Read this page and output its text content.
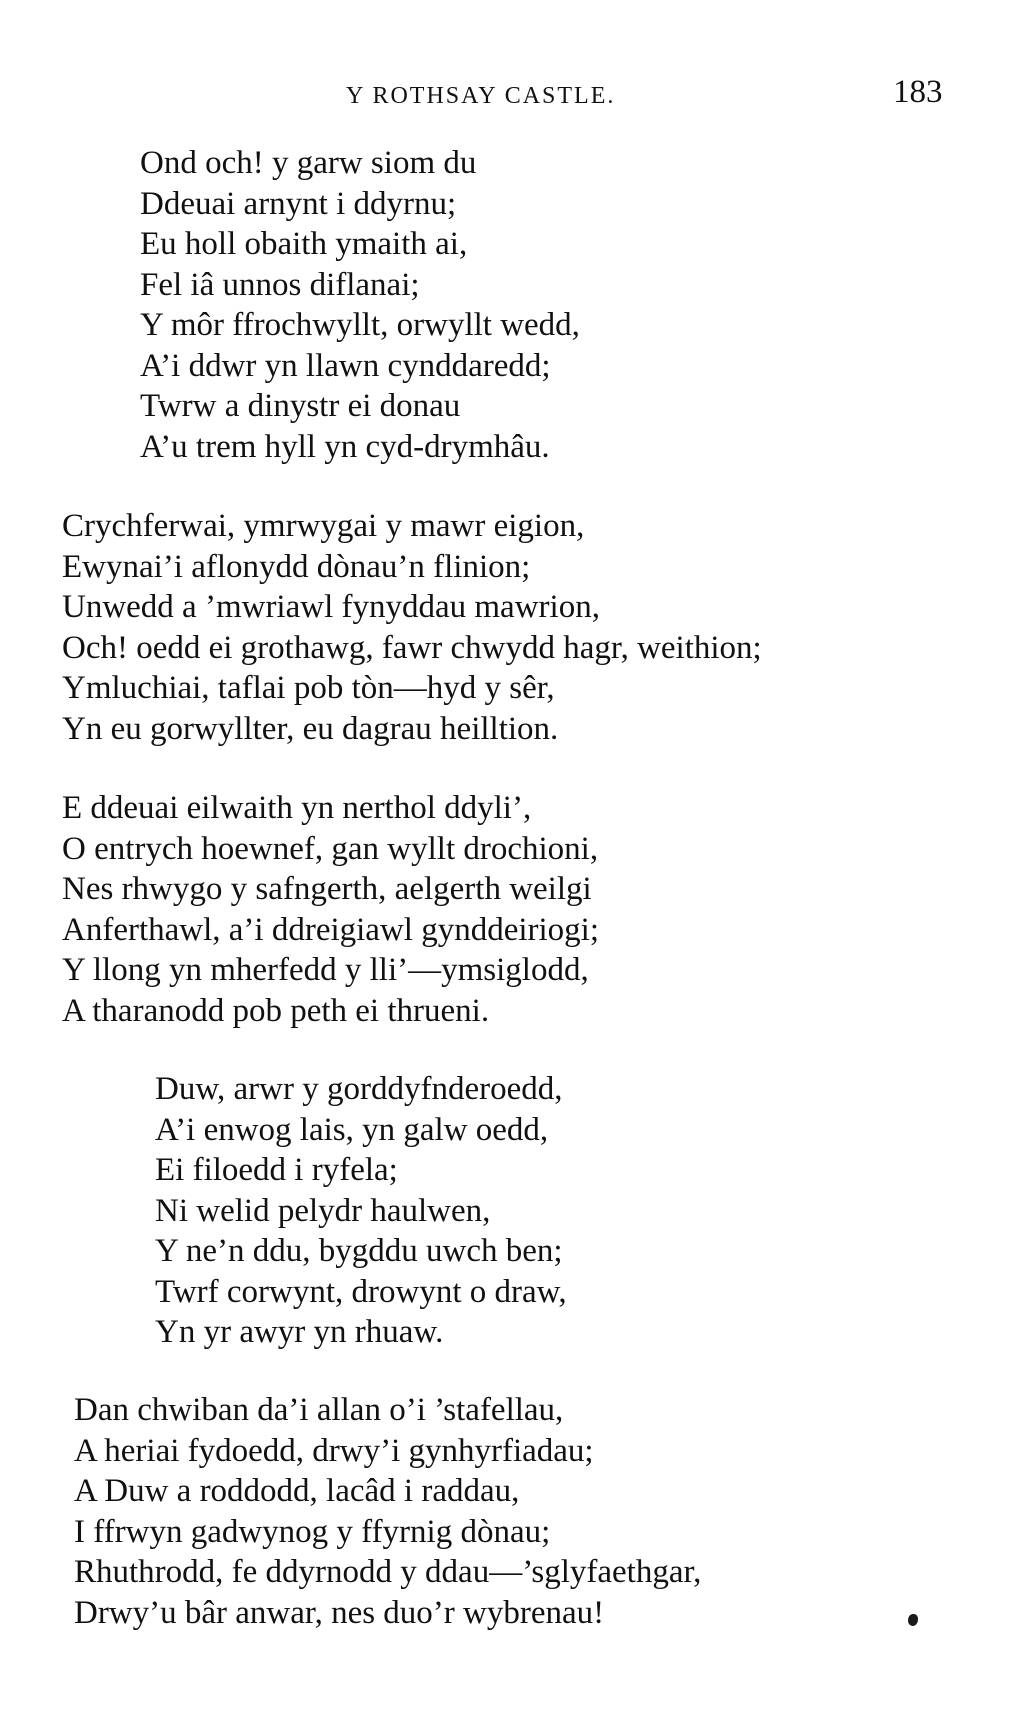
Y ROTHSAY CASTLE.	183
Ond och! y garw siom du
Ddeuai arnynt i ddyrnu;
Eu holl obaith ymaith ai,
Fel iâ unnos diflanai;
Y môr ffrochwyllt, orwyllt wedd,
A’i ddwr yn llawn cynddaredd;
Twrw a dinystr ei donau
A’u trem hyll yn cyd-drymhâu.
Crychferwai, ymrwygai y mawr eigion,
Ewynai’i aflonydd dònau’n flinion;
Unwedd a ’mwriawl fynyddau mawrion,
Och! oedd ei grothawg, fawr chwydd hagr, weithion;
Ymluchiai, taflai pob tòn—hyd y sêr,
Yn eu gorwyllter, eu dagrau heilltion.
E ddeuai eilwaith yn nerthol ddyli’,
O entrych hoewnef, gan wyllt drochioni,
Nes rhwygo y safngerth, aelgerth weilgi
Anferthawl, a’i ddreigiawl gynddeiriogi;
Y llong yn mherfedd y lli’—ymsiglodd,
A tharanodd pob peth ei thrueni.
Duw, arwr y gorddyfnderoedd,
A’i enwog lais, yn galw oedd,
Ei filoedd i ryfela;
Ni welid pelydr haulwen,
Y ne’n ddu, bygddu uwch ben;
Twrf corwynt, drowynt o draw,
Yn yr awyr yn rhuaw.
Dan chwiban da’i allan o’i ’stafellau,
A heriai fydoedd, drwy’i gynhyrfiadau;
A Duw a roddodd, lacâd i raddau,
I ffrwyn gadwynog y ffyrnig dònau;
Rhuthrodd, fe ddyrnodd y ddau—’sglyfaethgar,
Drwy’u bâr anwar, nes duo’r wybrenau!
